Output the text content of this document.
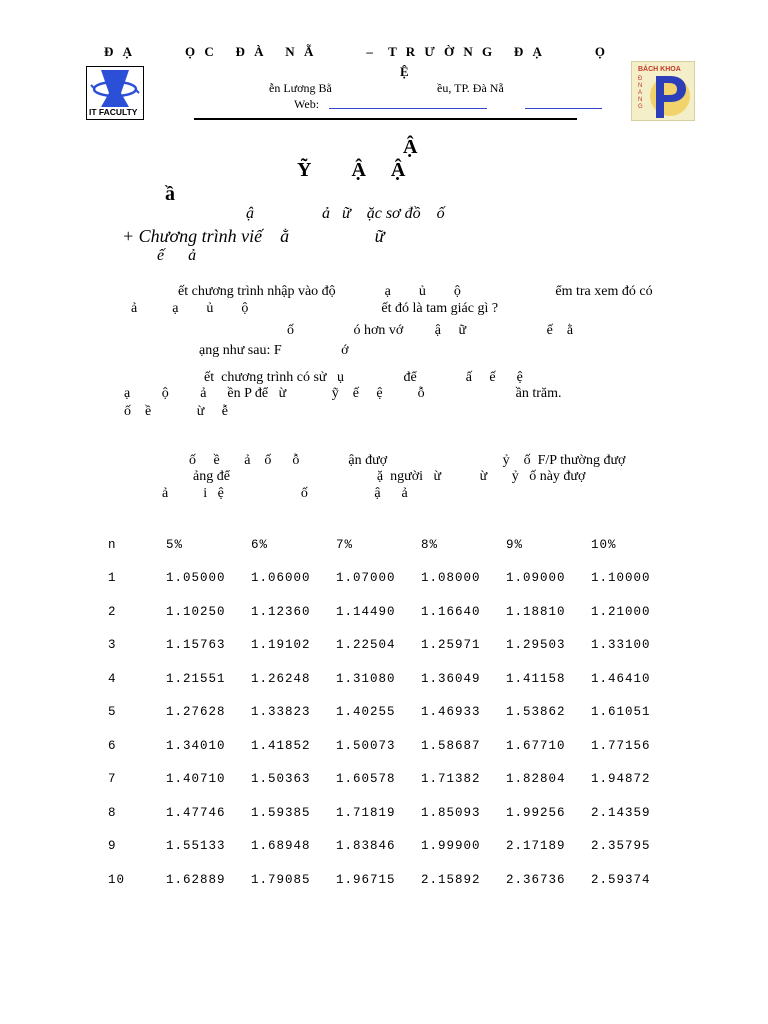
Đ Ạ        Ọ C   Đ À   N Ẵ        –  T R Ư Ờ N G   Đ Ạ        Ọ
Ệ
IT FACULTY
ễn Lương Bằ	ều, TP. Đà Nẵ
Web:
BÁCH KHOA
ĐNANG
Ậ
Ỹ        Ậ     Ậ
ầ
ậ                 ả   ữ    ặc sơ đồ    ố
+ Chương trình viế    ằ                   ữ
ế      ả
ết chương trình nhập vào độ              ạ        ủ        ộ                           ểm tra xem đó có
ả          ạ        ủ        ộ                                      ết đó là tam giác gì ?
ố                 ó hơn vớ         ậ     ữ                       ế    ằ
ạng như sau: F                 ớ
ết  chương trình có sử   ụ                 để              ấ     ế      ệ
ạ         ộ         ả      ền P để   ừ             ỹ    ế     ệ          ỗ                          ần trăm.
ố    ề             ừ     ễ
ố     ề       ả    ố      ỗ              ận đượ                                 ỷ    ố  F/P thường đượ
ảng để                                          ặ  người   ừ           ừ       ỷ   ố này đượ
ả          i   ệ                      ố                   ậ      ả
n	5%	6%	7%	8%	9%	10%
1	1.05000	1.06000	1.07000	1.08000	1.09000	1.10000
2	1.10250	1.12360	1.14490	1.16640	1.18810	1.21000
3	1.15763	1.19102	1.22504	1.25971	1.29503	1.33100
4	1.21551	1.26248	1.31080	1.36049	1.41158	1.46410
5	1.27628	1.33823	1.40255	1.46933	1.53862	1.61051
6	1.34010	1.41852	1.50073	1.58687	1.67710	1.77156
7	1.40710	1.50363	1.60578	1.71382	1.82804	1.94872
8	1.47746	1.59385	1.71819	1.85093	1.99256	2.14359
9	1.55133	1.68948	1.83846	1.99900	2.17189	2.35795
10	1.62889	1.79085	1.96715	2.15892	2.36736	2.59374
